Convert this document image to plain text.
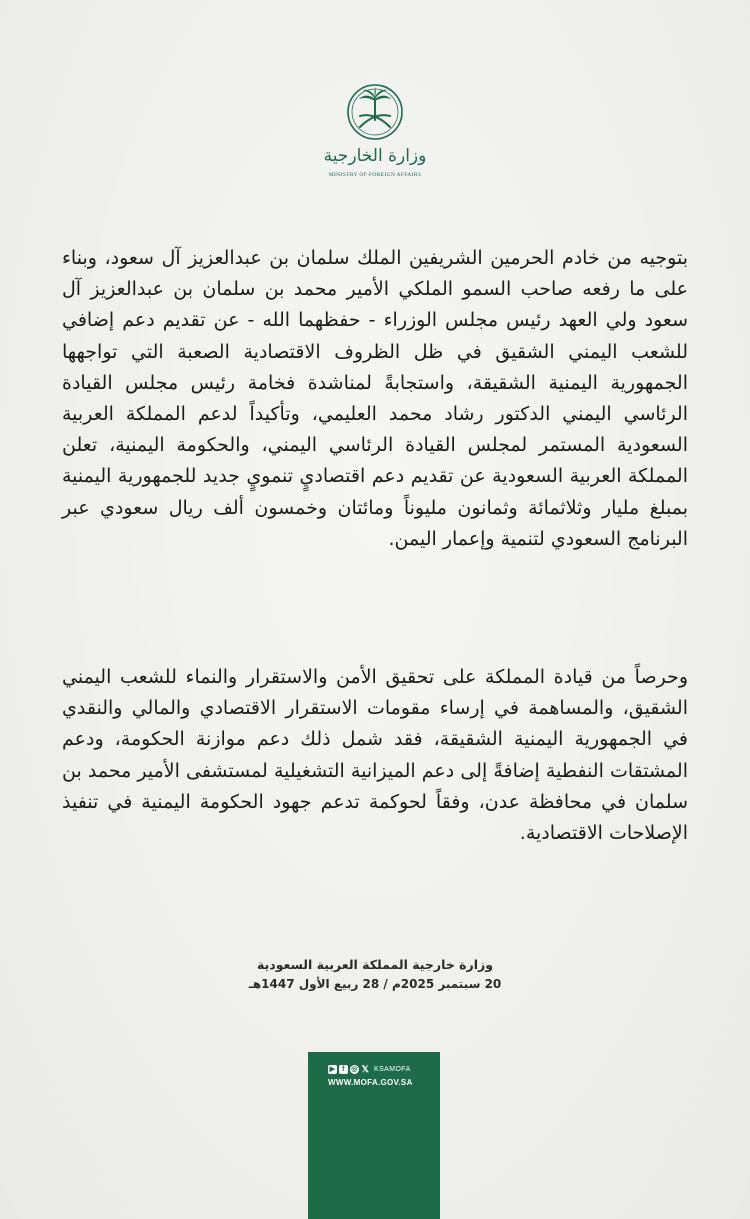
وزارة الخارجية
MINISTRY OF FOREIGN AFFAIRS
بتوجيه من خادم الحرمين الشريفين الملك سلمان بن عبدالعزيز آل سعود، وبناء على ما رفعه صاحب السمو الملكي الأمير محمد بن سلمان بن عبدالعزيز آل سعود ولي العهد رئيس مجلس الوزراء - حفظهما الله - عن تقديم دعم إضافي للشعب اليمني الشقيق في ظل الظروف الاقتصادية الصعبة التي تواجهها الجمهورية اليمنية الشقيقة، واستجابةً لمناشدة فخامة رئيس مجلس القيادة الرئاسي اليمني الدكتور رشاد محمد العليمي، وتأكيداً لدعم المملكة العربية السعودية المستمر لمجلس القيادة الرئاسي اليمني، والحكومة اليمنية، تعلن المملكة العربية السعودية عن تقديم دعم اقتصاديٍ تنمويٍ جديد للجمهورية اليمنية بمبلغ مليار وثلاثمائة وثمانون مليوناً ومائتان وخمسون ألف ريال سعودي عبر البرنامج السعودي لتنمية وإعمار اليمن.
وحرصاً من قيادة المملكة على تحقيق الأمن والاستقرار والنماء للشعب اليمني الشقيق، والمساهمة في إرساء مقومات الاستقرار الاقتصادي والمالي والنقدي في الجمهورية اليمنية الشقيقة، فقد شمل ذلك دعم موازنة الحكومة، ودعم المشتقات النفطية إضافةً إلى دعم الميزانية التشغيلية لمستشفى الأمير محمد بن سلمان في محافظة عدن، وفقاً لحوكمة تدعم جهود الحكومة اليمنية في تنفيذ الإصلاحات الاقتصادية.
وزارة خارجية المملكة العربية السعودية
20 سبتمبر 2025م / 28 ربيع الأول 1447هـ
▶ f ◎ 𝕏 KSAMOFA
WWW.MOFA.GOV.SA
